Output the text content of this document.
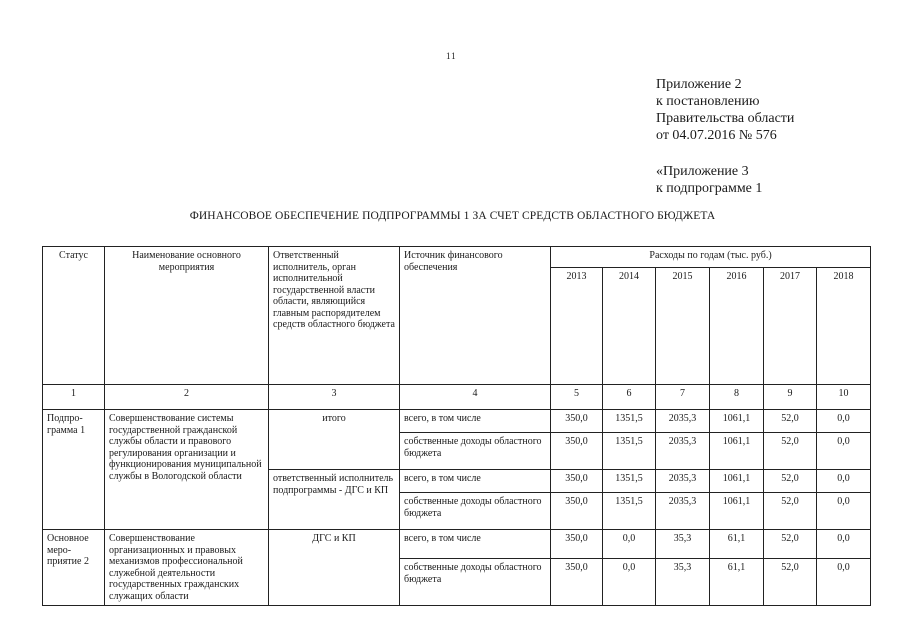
11
Приложение 2
к постановлению
Правительства области
от 04.07.2016 № 576
«Приложение 3
к подпрограмме 1
ФИНАНСОВОЕ ОБЕСПЕЧЕНИЕ ПОДПРОГРАММЫ 1 ЗА СЧЕТ СРЕДСТВ ОБЛАСТНОГО БЮДЖЕТА
Статус	Наименование основного мероприятия	Ответственный исполнитель, орган исполнительной государственной власти области, являющийся главным распорядителем средств областного бюджета	Источник финансового обеспечения	Расходы по годам (тыс. руб.)					
				2013	2014	2015	2016	2017	2018
1	2	3	4	5	6	7	8	9	10
Подпро-грамма 1	Совершенствование системы государственной гражданской службы области и правового регулирования организации и функционирования муниципальной службы в Вологодской области	итого	всего, в том числе	350,0	1351,5	2035,3	1061,1	52,0	0,0
			собственные доходы областного бюджета	350,0	1351,5	2035,3	1061,1	52,0	0,0
		ответственный исполнитель подпрограммы - ДГС и КП	всего, в том числе	350,0	1351,5	2035,3	1061,1	52,0	0,0
			собственные доходы областного бюджета	350,0	1351,5	2035,3	1061,1	52,0	0,0
Основное меро-приятие 2	Совершенствование организационных и правовых механизмов профессиональной служебной деятельности государственных гражданских служащих области	ДГС и КП	всего, в том числе	350,0	0,0	35,3	61,1	52,0	0,0
			собственные доходы областного бюджета	350,0	0,0	35,3	61,1	52,0	0,0
